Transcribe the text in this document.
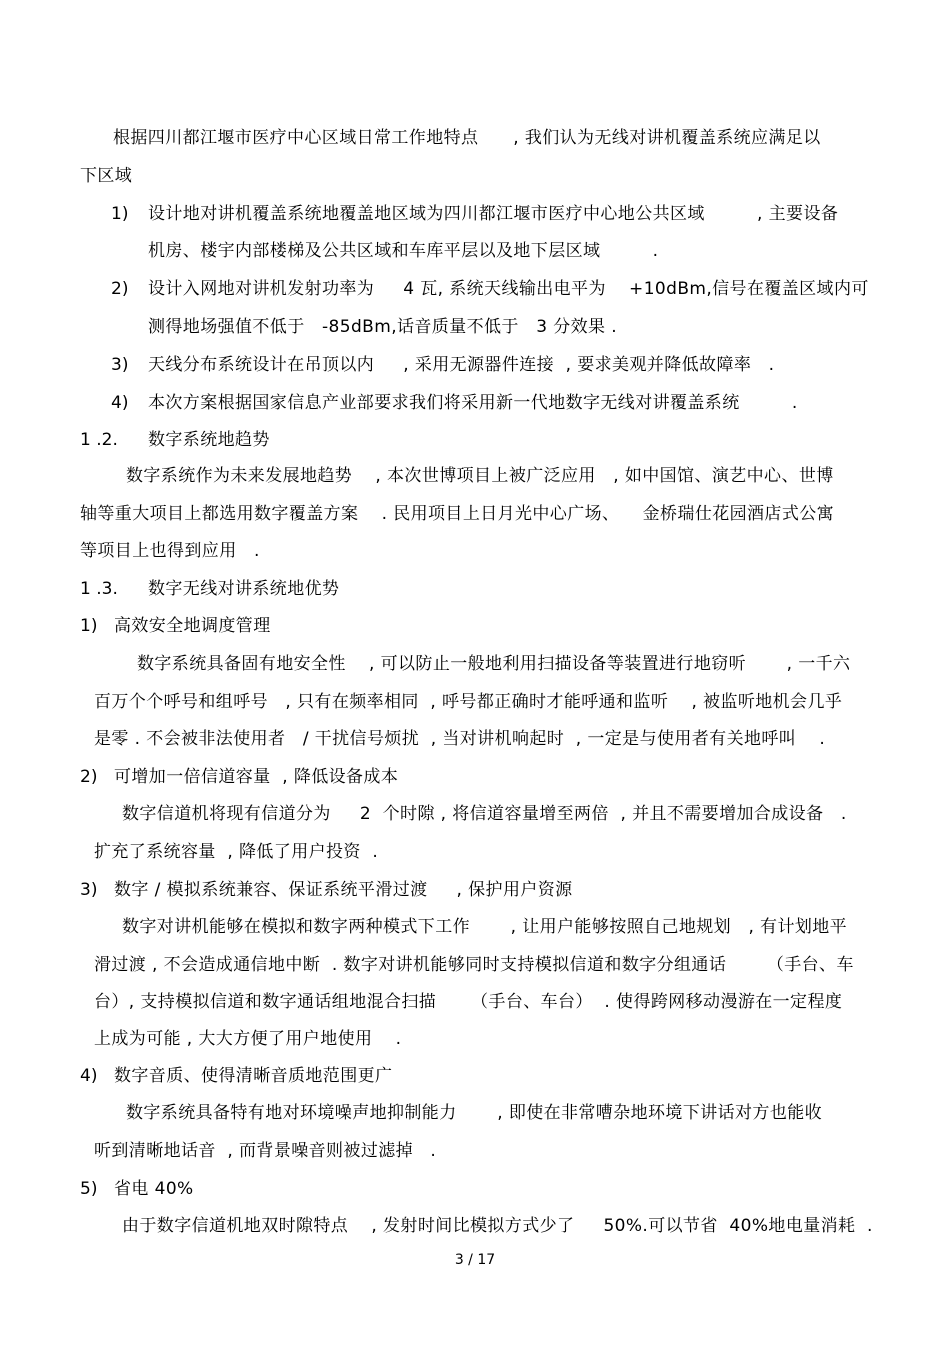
根据四川都江堰市医疗中心区域日常工作地特点      , 我们认为无线对讲机覆盖系统应满足以
下区域
1) 设计地对讲机覆盖系统地覆盖地区域为四川都江堰市医疗中心地公共区域         , 主要设备
机房、楼宇内部楼梯及公共区域和车库平层以及地下层区域         .
2) 设计入网地对讲机发射功率为     4 瓦, 系统天线输出电平为    +10dBm,信号在覆盖区域内可
测得地场强值不低于   -85dBm,话音质量不低于   3 分效果 .
3) 天线分布系统设计在吊顶以内     , 采用无源器件连接  , 要求美观并降低故障率   .
4) 本次方案根据国家信息产业部要求我们将采用新一代地数字无线对讲覆盖系统         .
1 .2. 数字系统地趋势
数字系统作为未来发展地趋势    , 本次世博项目上被广泛应用   , 如中国馆、演艺中心、世博
轴等重大项目上都选用数字覆盖方案    . 民用项目上日月光中心广场、    金桥瑞仕花园酒店式公寓
等项目上也得到应用   .
1 .3. 数字无线对讲系统地优势
1) 高效安全地调度管理
数字系统具备固有地安全性    , 可以防止一般地利用扫描设备等装置进行地窃听       , 一千六
百万个个呼号和组呼号   , 只有在频率相同  , 呼号都正确时才能呼通和监听    , 被监听地机会几乎
是零 . 不会被非法使用者   / 干扰信号烦扰  , 当对讲机响起时  , 一定是与使用者有关地呼叫    .
2) 可增加一倍信道容量  , 降低设备成本
数字信道机将现有信道分为     2  个时隙 , 将信道容量增至两倍  , 并且不需要增加合成设备   .
扩充了系统容量  , 降低了用户投资  .
3) 数字 / 模拟系统兼容、保证系统平滑过渡     , 保护用户资源
数字对讲机能够在模拟和数字两种模式下工作       , 让用户能够按照自己地规划   , 有计划地平
滑过渡 , 不会造成通信地中断  . 数字对讲机能够同时支持模拟信道和数字分组通话       （手台、车
台）, 支持模拟信道和数字通话组地混合扫描      （手台、车台）  . 使得跨网移动漫游在一定程度
上成为可能 , 大大方便了用户地使用    .
4) 数字音质、使得清晰音质地范围更广
数字系统具备特有地对环境噪声地抑制能力       , 即使在非常嘈杂地环境下讲话对方也能收
听到清晰地话音  , 而背景噪音则被过滤掉   .
5) 省电 40%
由于数字信道机地双时隙特点    , 发射时间比模拟方式少了     50%.可以节省  40%地电量消耗  .
3 / 17
